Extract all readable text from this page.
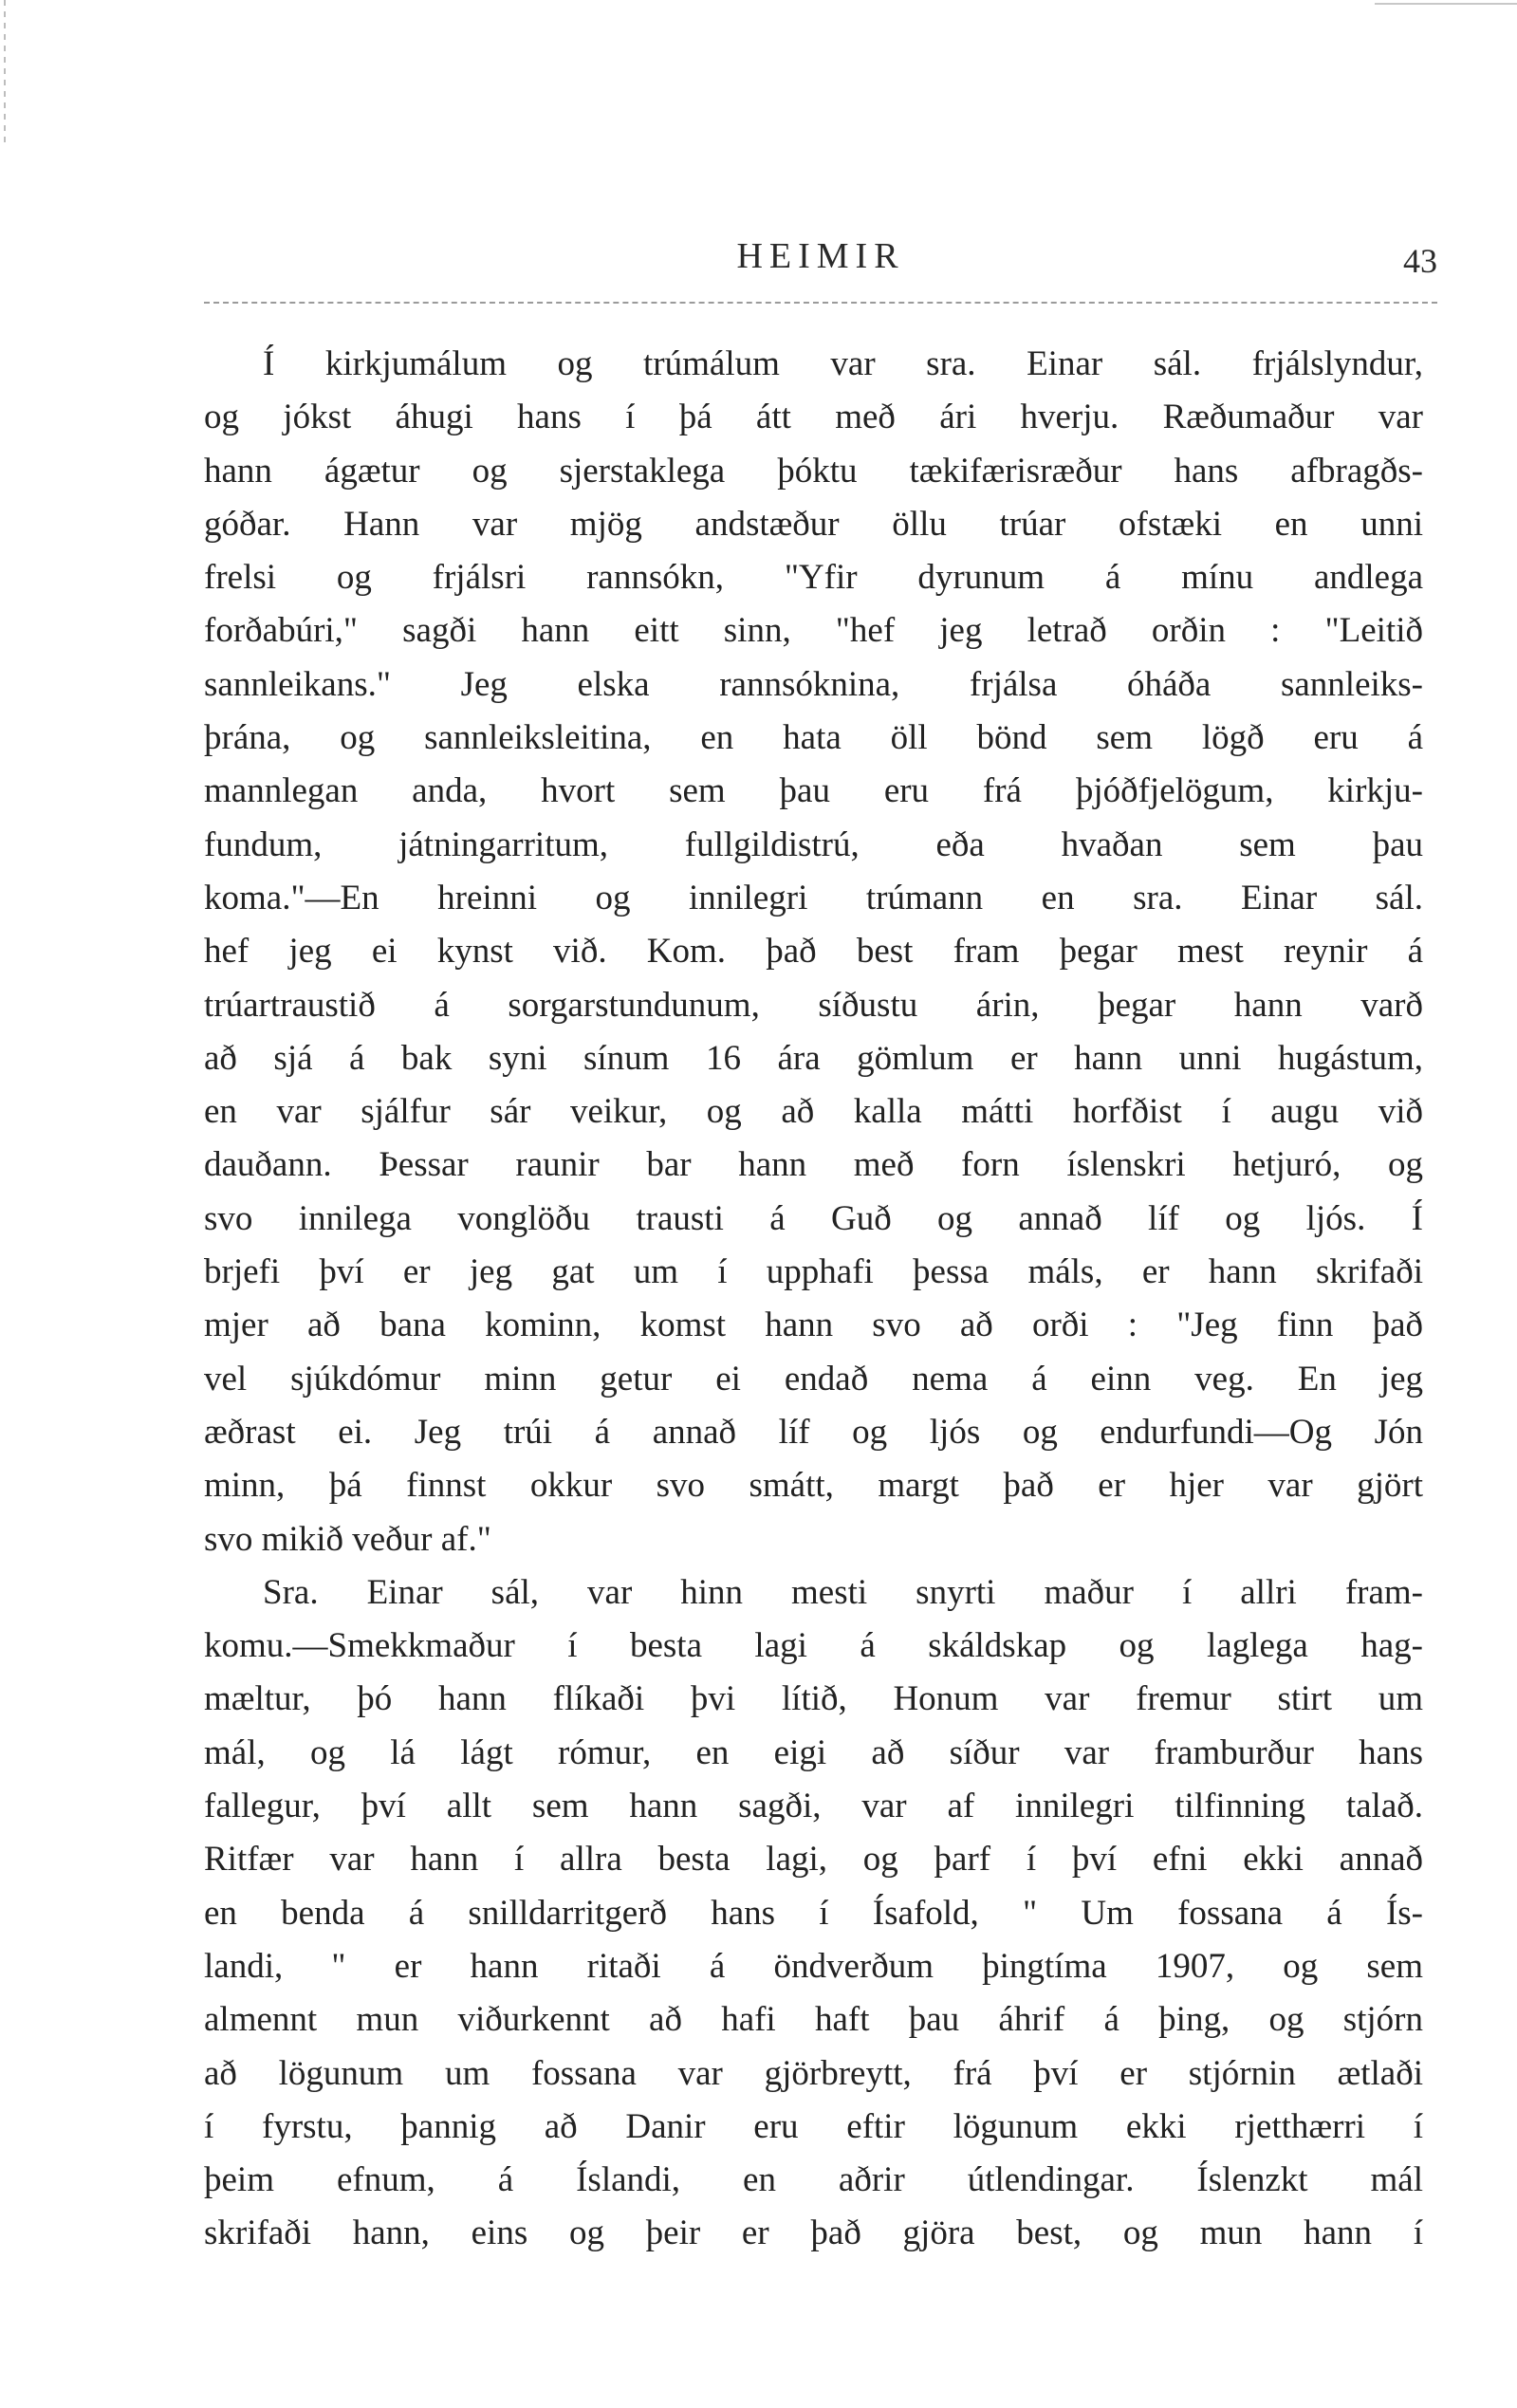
HEIMIR	43
Í kirkjumálum og trúmálum var sra. Einar sál. frjálslyndur,
og jókst áhugi hans í þá átt með ári hverju. Ræðumaður var
hann ágætur og sjerstaklega þóktu tækifærisræður hans afbragðs-
góðar. Hann var mjög andstæður öllu trúar ofstæki en unni
frelsi og frjálsri rannsókn, "Yfir dyrunum á mínu andlega
forðabúri," sagði hann eitt sinn, "hef jeg letrað orðin : "Leitið
sannleikans." Jeg elska rannsóknina, frjálsa óháða sannleiks-
þrána, og sannleiksleitina, en hata öll bönd sem lögð eru á
mannlegan anda, hvort sem þau eru frá þjóðfjelögum, kirkju-
fundum, játningarritum, fullgildistrú, eða hvaðan sem þau
koma."—En hreinni og innilegri trúmann en sra. Einar sál.
hef jeg ei kynst við. Kom. það best fram þegar mest reynir á
trúartraustið á sorgarstundunum, síðustu árin, þegar hann varð
að sjá á bak syni sínum 16 ára gömlum er hann unni hugástum,
en var sjálfur sár veikur, og að kalla mátti horfðist í augu við
dauðann. Þessar raunir bar hann með forn íslenskri hetjuró, og
svo innilega vonglöðu trausti á Guð og annað líf og ljós. Í
brjefi því er jeg gat um í upphafi þessa máls, er hann skrifaði
mjer að bana kominn, komst hann svo að orði : "Jeg finn það
vel sjúkdómur minn getur ei endað nema á einn veg. En jeg
æðrast ei. Jeg trúi á annað líf og ljós og endurfundi—Og Jón
minn, þá finnst okkur svo smátt, margt það er hjer var gjört
svo mikið veður af."
Sra. Einar sál, var hinn mesti snyrti maður í allri fram-
komu.—Smekkmaður í besta lagi á skáldskap og laglega hag-
mæltur, þó hann flíkaði þvi lítið, Honum var fremur stirt um
mál, og lá lágt rómur, en eigi að síður var framburður hans
fallegur, því allt sem hann sagði, var af innilegri tilfinning talað.
Ritfær var hann í allra besta lagi, og þarf í því efni ekki annað
en benda á snilldarritgerð hans í Ísafold, " Um fossana á Ís-
landi, " er hann ritaði á öndverðum þingtíma 1907, og sem
almennt mun viðurkennt að hafi haft þau áhrif á þing, og stjórn
að lögunum um fossana var gjörbreytt, frá því er stjórnin ætlaði
í fyrstu, þannig að Danir eru eftir lögunum ekki rjetthærri í
þeim efnum, á Íslandi, en aðrir útlendingar. Íslenzkt mál
skrifaði hann, eins og þeir er það gjöra best, og mun hann í
